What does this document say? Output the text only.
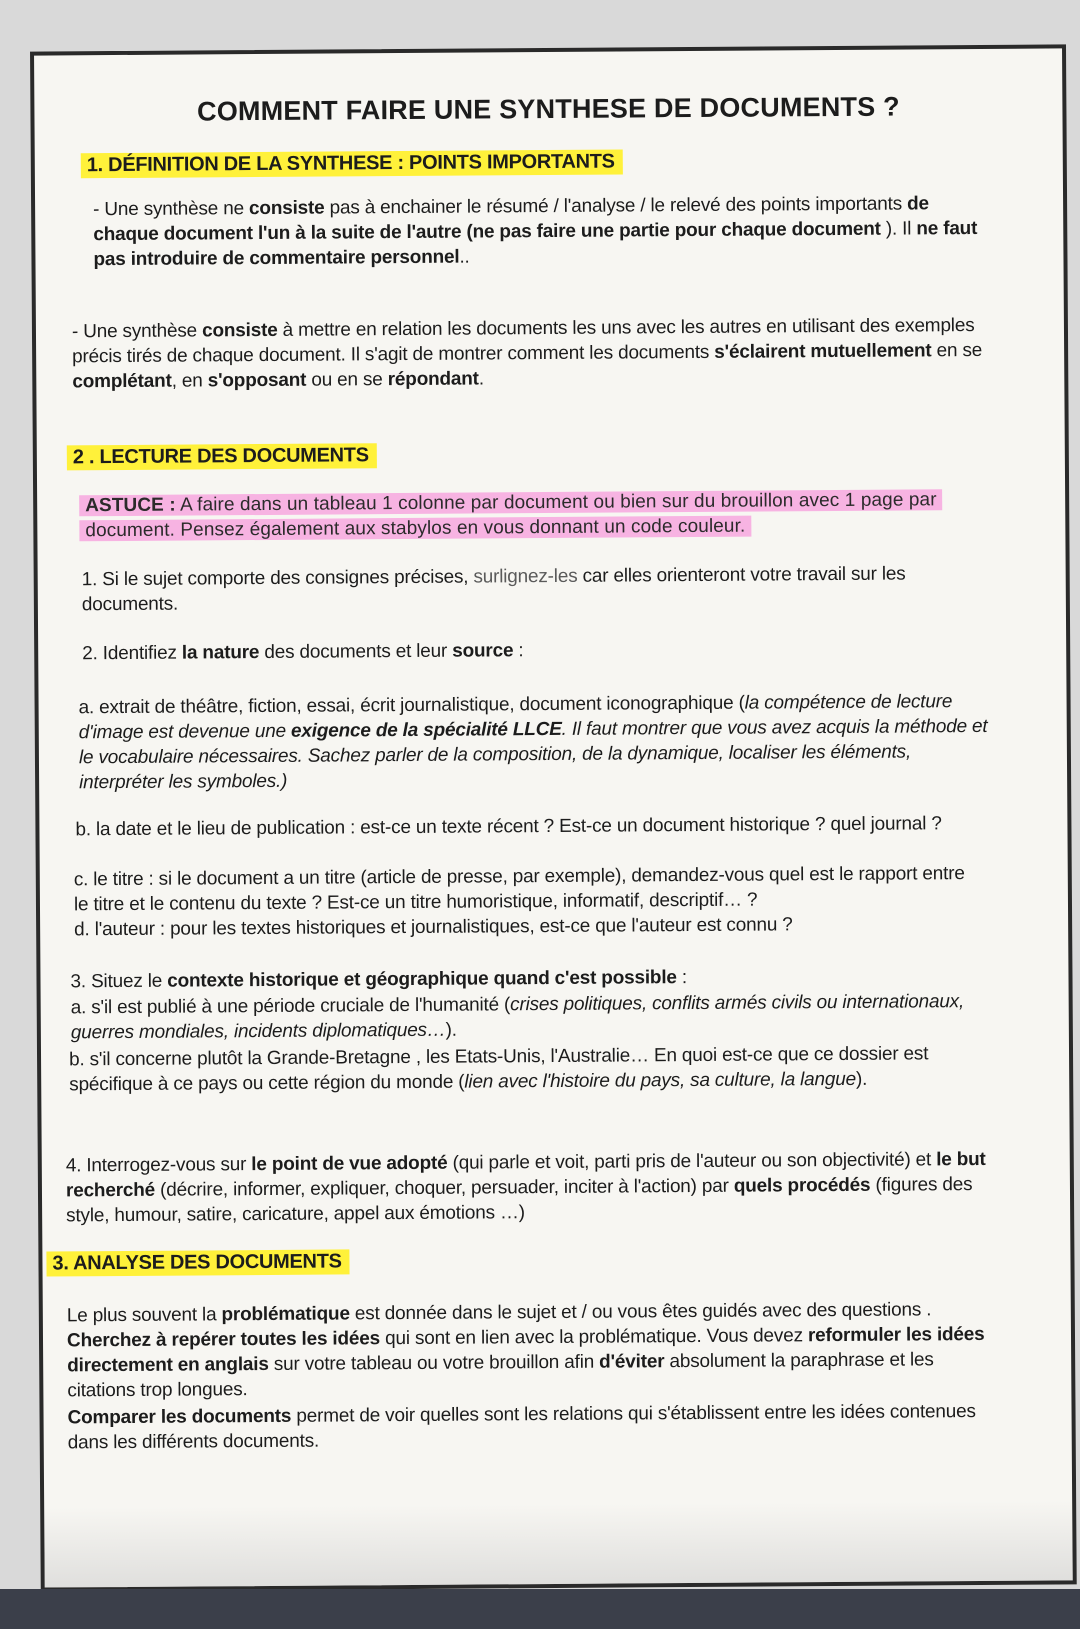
COMMENT FAIRE UNE SYNTHESE DE DOCUMENTS ?
1. DÉFINITION DE LA SYNTHESE : POINTS IMPORTANTS
- Une synthèse ne consiste pas à enchainer le résumé / l'analyse / le relevé des points importants de chaque document l'un à la suite de l'autre (ne pas faire une partie pour chaque document ). Il ne faut pas introduire de commentaire personnel..
- Une synthèse consiste à mettre en relation les documents les uns avec les autres en utilisant des exemples précis tirés de chaque document. Il s'agit de montrer comment les documents s'éclairent mutuellement en se complétant, en s'opposant ou en se répondant.
2 . LECTURE DES DOCUMENTS
ASTUCE : A faire dans un tableau 1 colonne par document ou bien sur du brouillon avec 1 page par document. Pensez également aux stabylos en vous donnant un code couleur.
1. Si le sujet comporte des consignes précises, surlignez-les car elles orienteront votre travail sur les documents.
2. Identifiez la nature des documents et leur source :
a. extrait de théâtre, fiction, essai, écrit journalistique, document iconographique (la compétence de lecture d'image est devenue une exigence de la spécialité LLCE. Il faut montrer que vous avez acquis la méthode et le vocabulaire nécessaires. Sachez parler de la composition, de la dynamique, localiser les éléments, interpréter les symboles.)
b. la date et le lieu de publication : est-ce un texte récent ? Est-ce un document historique ? quel journal ?
c. le titre : si le document a un titre (article de presse, par exemple), demandez-vous quel est le rapport entre le titre et le contenu du texte ? Est-ce un titre humoristique, informatif, descriptif… ?
d. l'auteur : pour les textes historiques et journalistiques, est-ce que l'auteur est connu ?
3. Situez le contexte historique et géographique quand c'est possible :
a. s'il est publié à une période cruciale de l'humanité (crises politiques, conflits armés civils ou internationaux, guerres mondiales, incidents diplomatiques…).
b. s'il concerne plutôt la Grande-Bretagne , les Etats-Unis, l'Australie… En quoi est-ce que ce dossier est spécifique à ce pays ou cette région du monde (lien avec l'histoire du pays, sa culture, la langue).
4. Interrogez-vous sur le point de vue adopté (qui parle et voit, parti pris de l'auteur ou son objectivité) et le but recherché (décrire, informer, expliquer, choquer, persuader, inciter à l'action) par quels procédés (figures des style, humour, satire, caricature, appel aux émotions …)
3. ANALYSE DES DOCUMENTS
Le plus souvent la problématique est donnée dans le sujet et / ou vous êtes guidés avec des questions . Cherchez à repérer toutes les idées qui sont en lien avec la problématique. Vous devez reformuler les idées directement en anglais sur votre tableau ou votre brouillon afin d'éviter absolument la paraphrase et les citations trop longues.
Comparer les documents permet de voir quelles sont les relations qui s'établissent entre les idées contenues dans les différents documents.
